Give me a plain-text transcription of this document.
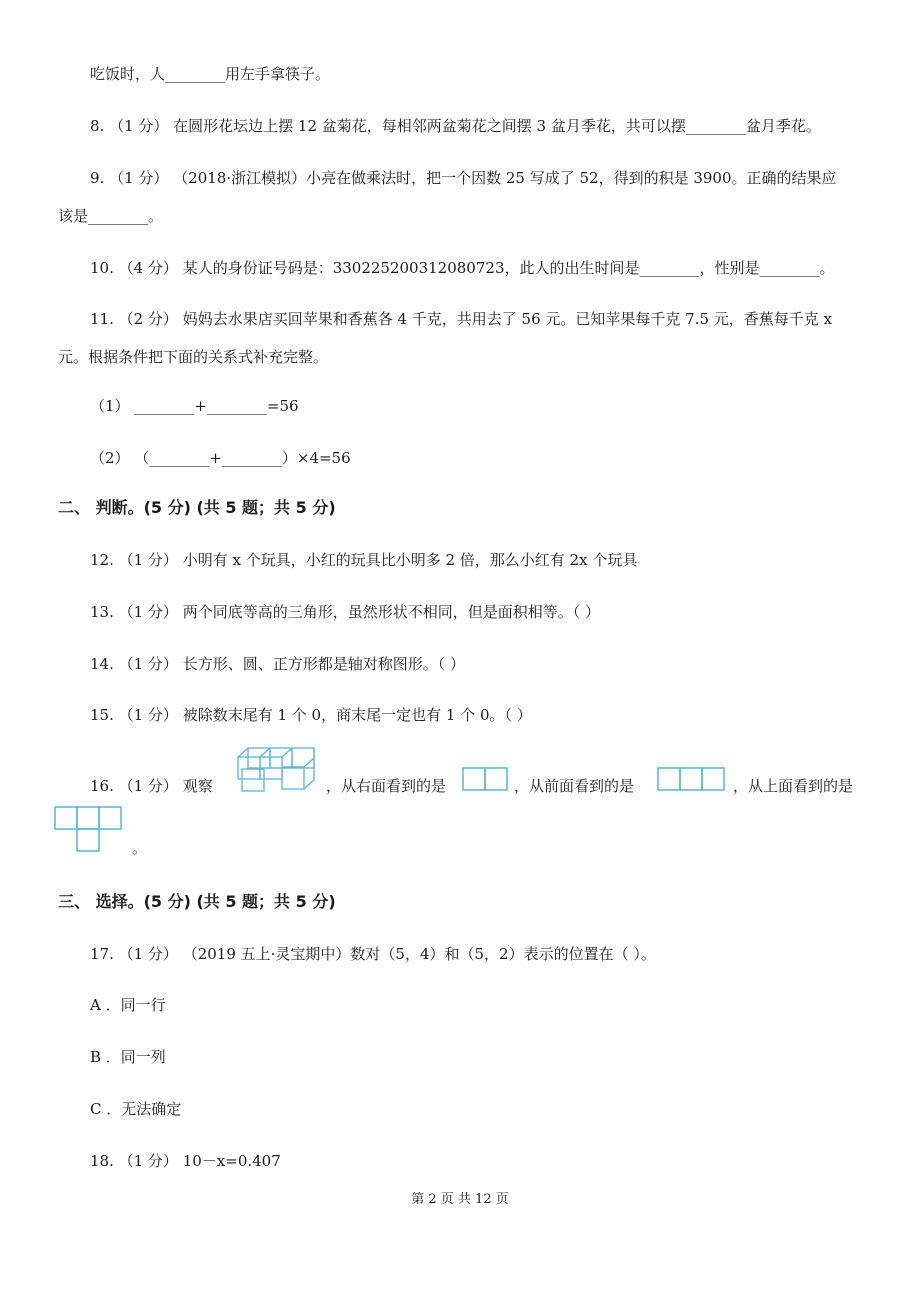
吃饭时，人________用左手拿筷子。
8. （1 分） 在圆形花坛边上摆 12 盆菊花，每相邻两盆菊花之间摆 3 盆月季花，共可以摆________盆月季花。
9. （1 分） （2018·浙江模拟）小亮在做乘法时，把一个因数 25 写成了 52，得到的积是 3900。正确的结果应
该是________。
10. （4 分） 某人的身份证号码是：330225200312080723，此人的出生时间是________，性别是________。
11. （2 分） 妈妈去水果店买回苹果和香蕉各 4 千克，共用去了 56 元。已知苹果每千克 7.5 元，香蕉每千克 x
元。根据条件把下面的关系式补充完整。
（1） ________+________=56
（2） （________+________）×4=56
二、 判断。(5 分) (共 5 题；共 5 分)
12. （1 分） 小明有 x 个玩具，小红的玩具比小明多 2 倍，那么小红有 2x 个玩具
13. （1 分） 两个同底等高的三角形，虽然形状不相同，但是面积相等。（ ）
14. （1 分） 长方形、圆、正方形都是轴对称图形。（ ）
15. （1 分） 被除数末尾有 1 个 0，商末尾一定也有 1 个 0。（ ）
16. （1 分） 观察	，从右面看到的是	，从前面看到的是	，从上面看到的是
。
三、 选择。(5 分) (共 5 题；共 5 分)
17. （1 分） （2019 五上·灵宝期中）数对（5，4）和（5，2）表示的位置在（ ）。
A ．同一行
B ．同一列
C ．无法确定
18. （1 分） 10－x=0.407
第 2 页 共 12 页
